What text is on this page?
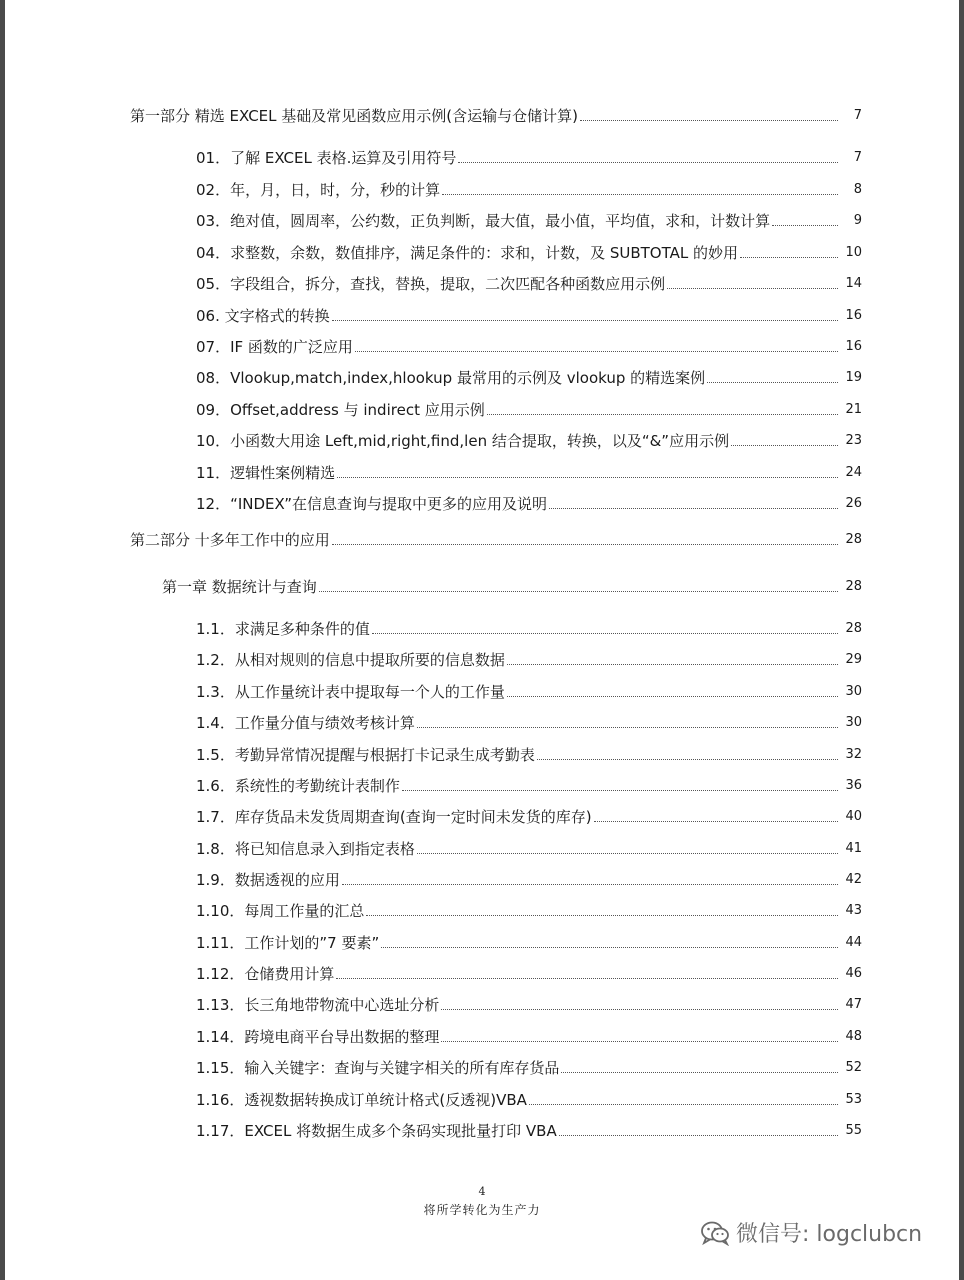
第一部分 精选 EXCEL 基础及常见函数应用示例(含运输与仓储计算)	7
01．了解 EXCEL 表格.运算及引用符号	7
02．年，月，日，时，分，秒的计算	8
03．绝对值，圆周率，公约数，正负判断，最大值，最小值，平均值，求和，计数计算	9
04．求整数，余数，数值排序，满足条件的：求和，计数，及 SUBTOTAL 的妙用	10
05．字段组合，拆分，查找，替换，提取，二次匹配各种函数应用示例	14
06. 文字格式的转换	16
07．IF 函数的广泛应用	16
08．Vlookup,match,index,hlookup 最常用的示例及 vlookup 的精选案例	19
09．Offset,address 与 indirect 应用示例	21
10．小函数大用途 Left,mid,right,find,len 结合提取，转换，以及“&”应用示例	23
11．逻辑性案例精选	24
12．“INDEX”在信息查询与提取中更多的应用及说明	26
第二部分 十多年工作中的应用	28
第一章 数据统计与查询	28
1.1．求满足多种条件的值	28
1.2．从相对规则的信息中提取所要的信息数据	29
1.3．从工作量统计表中提取每一个人的工作量	30
1.4．工作量分值与绩效考核计算	30
1.5．考勤异常情况提醒与根据打卡记录生成考勤表	32
1.6．系统性的考勤统计表制作	36
1.7．库存货品未发货周期查询(查询一定时间未发货的库存)	40
1.8．将已知信息录入到指定表格	41
1.9．数据透视的应用	42
1.10．每周工作量的汇总	43
1.11．工作计划的”7 要素”	44
1.12．仓储费用计算	46
1.13．长三角地带物流中心选址分析	47
1.14．跨境电商平台导出数据的整理	48
1.15．输入关键字：查询与关键字相关的所有库存货品	52
1.16．透视数据转换成订单统计格式(反透视)VBA	53
1.17．EXCEL 将数据生成多个条码实现批量打印 VBA	55
4
将所学转化为生产力
微信号: logclubcn
